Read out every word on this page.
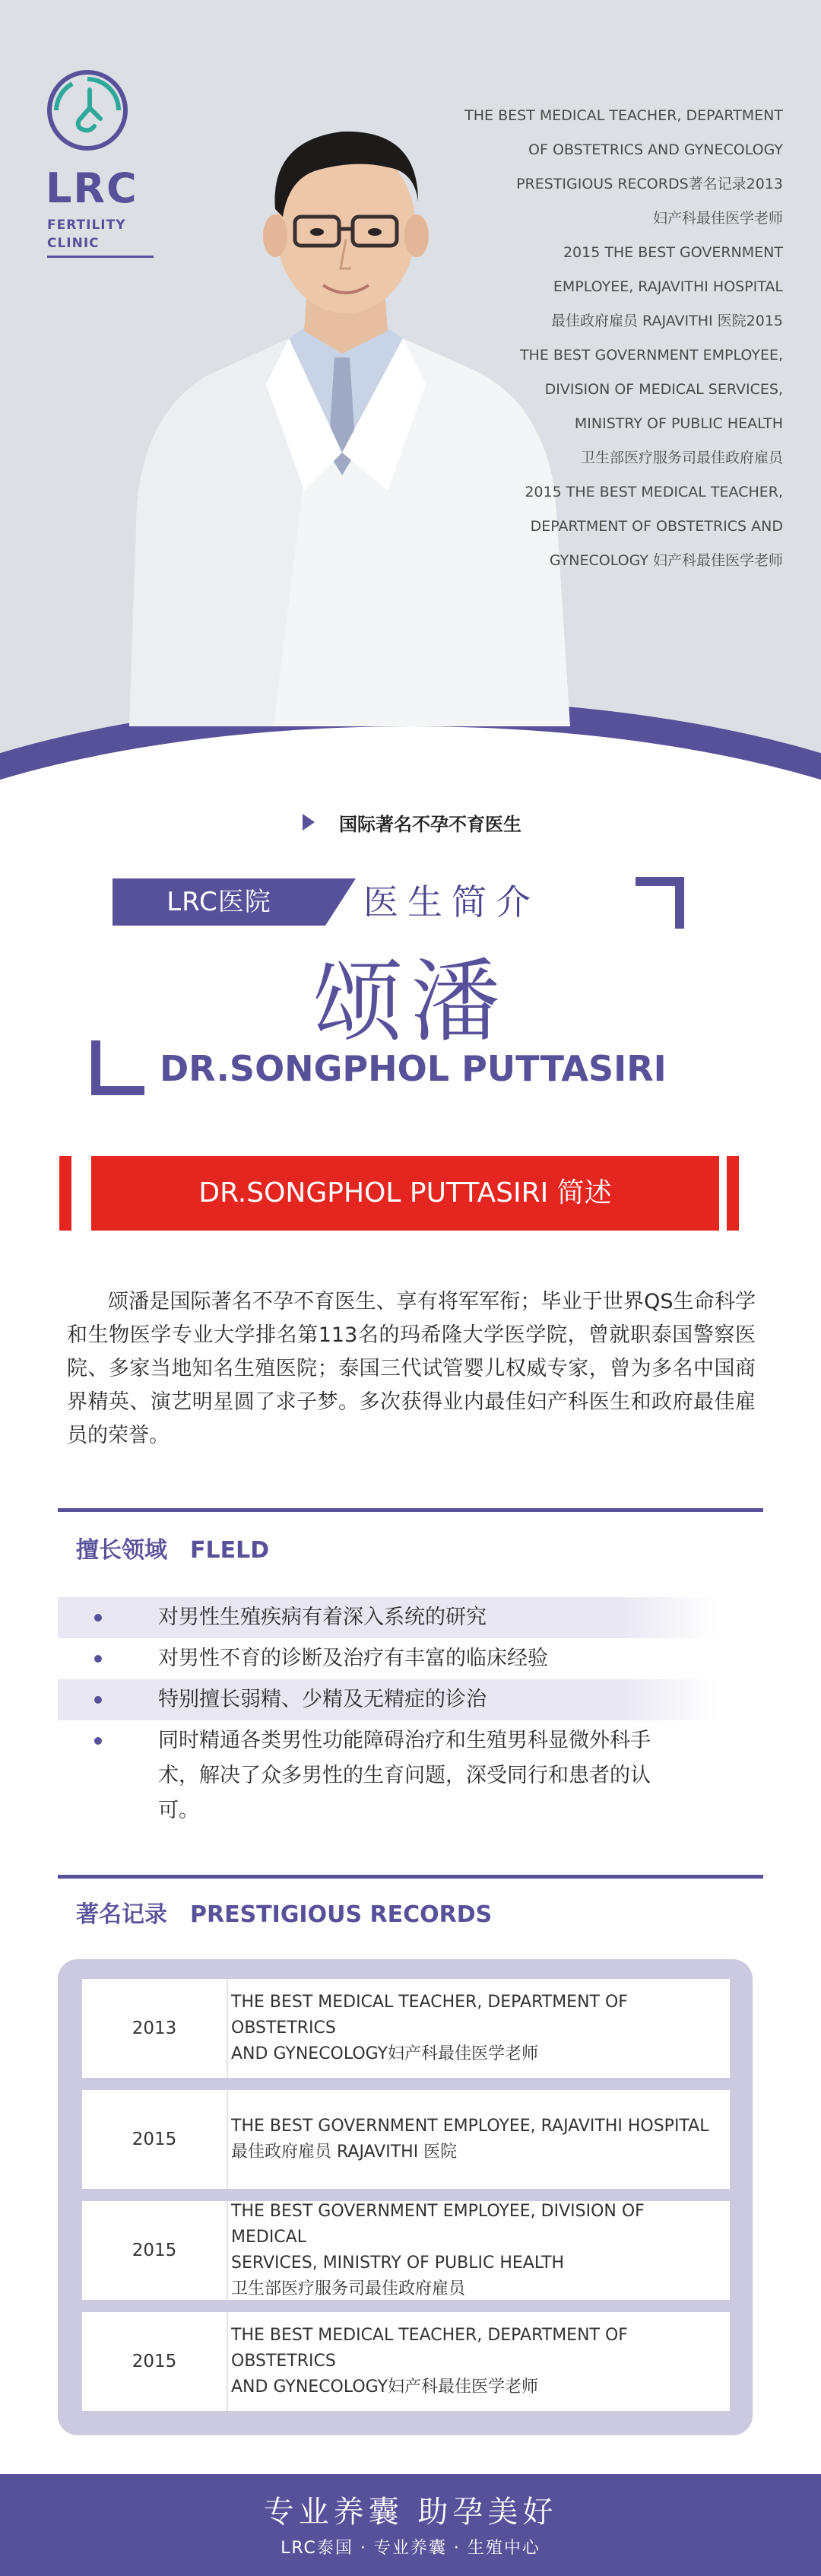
LRC
FERTILITY
CLINIC
THE BEST MEDICAL TEACHER, DEPARTMENT
OF OBSTETRICS AND GYNECOLOGY
PRESTIGIOUS RECORDS著名记录2013
妇产科最佳医学老师
2015 THE BEST GOVERNMENT
EMPLOYEE, RAJAVITHI HOSPITAL
最佳政府雇员 RAJAVITHI 医院2015
THE BEST GOVERNMENT EMPLOYEE,
DIVISION OF MEDICAL SERVICES,
MINISTRY OF PUBLIC HEALTH
卫生部医疗服务司最佳政府雇员
2015 THE BEST MEDICAL TEACHER,
DEPARTMENT OF OBSTETRICS AND
GYNECOLOGY 妇产科最佳医学老师
国际著名不孕不育医生
LRC医院	医生简介
颂潘
DR.SONGPHOL PUTTASIRI
DR.SONGPHOL PUTTASIRI 简述
颂潘是国际著名不孕不育医生、享有将军军衔；毕业于世界QS生命科学和生物医学专业大学排名第113名的玛希隆大学医学院，曾就职泰国警察医院、多家当地知名生殖医院；泰国三代试管婴儿权威专家，曾为多名中国商界精英、演艺明星圆了求子梦。多次获得业内最佳妇产科医生和政府最佳雇员的荣誉。
擅长领域　FLELD
对男性生殖疾病有着深入系统的研究
对男性不育的诊断及治疗有丰富的临床经验
特别擅长弱精、少精及无精症的诊治
同时精通各类男性功能障碍治疗和生殖男科显微外科手术，解决了众多男性的生育问题，深受同行和患者的认可。
著名记录　PRESTIGIOUS RECORDS
2013
THE BEST MEDICAL TEACHER, DEPARTMENT OF OBSTETRICS
AND GYNECOLOGY妇产科最佳医学老师
2015
THE BEST GOVERNMENT EMPLOYEE, RAJAVITHI HOSPITAL
最佳政府雇员 RAJAVITHI 医院
2015
THE BEST GOVERNMENT EMPLOYEE, DIVISION OF MEDICAL
SERVICES, MINISTRY OF PUBLIC HEALTH
卫生部医疗服务司最佳政府雇员
2015
THE BEST MEDICAL TEACHER, DEPARTMENT OF OBSTETRICS
AND GYNECOLOGY妇产科最佳医学老师
专业养囊 助孕美好
LRC泰国 · 专业养囊 · 生殖中心
